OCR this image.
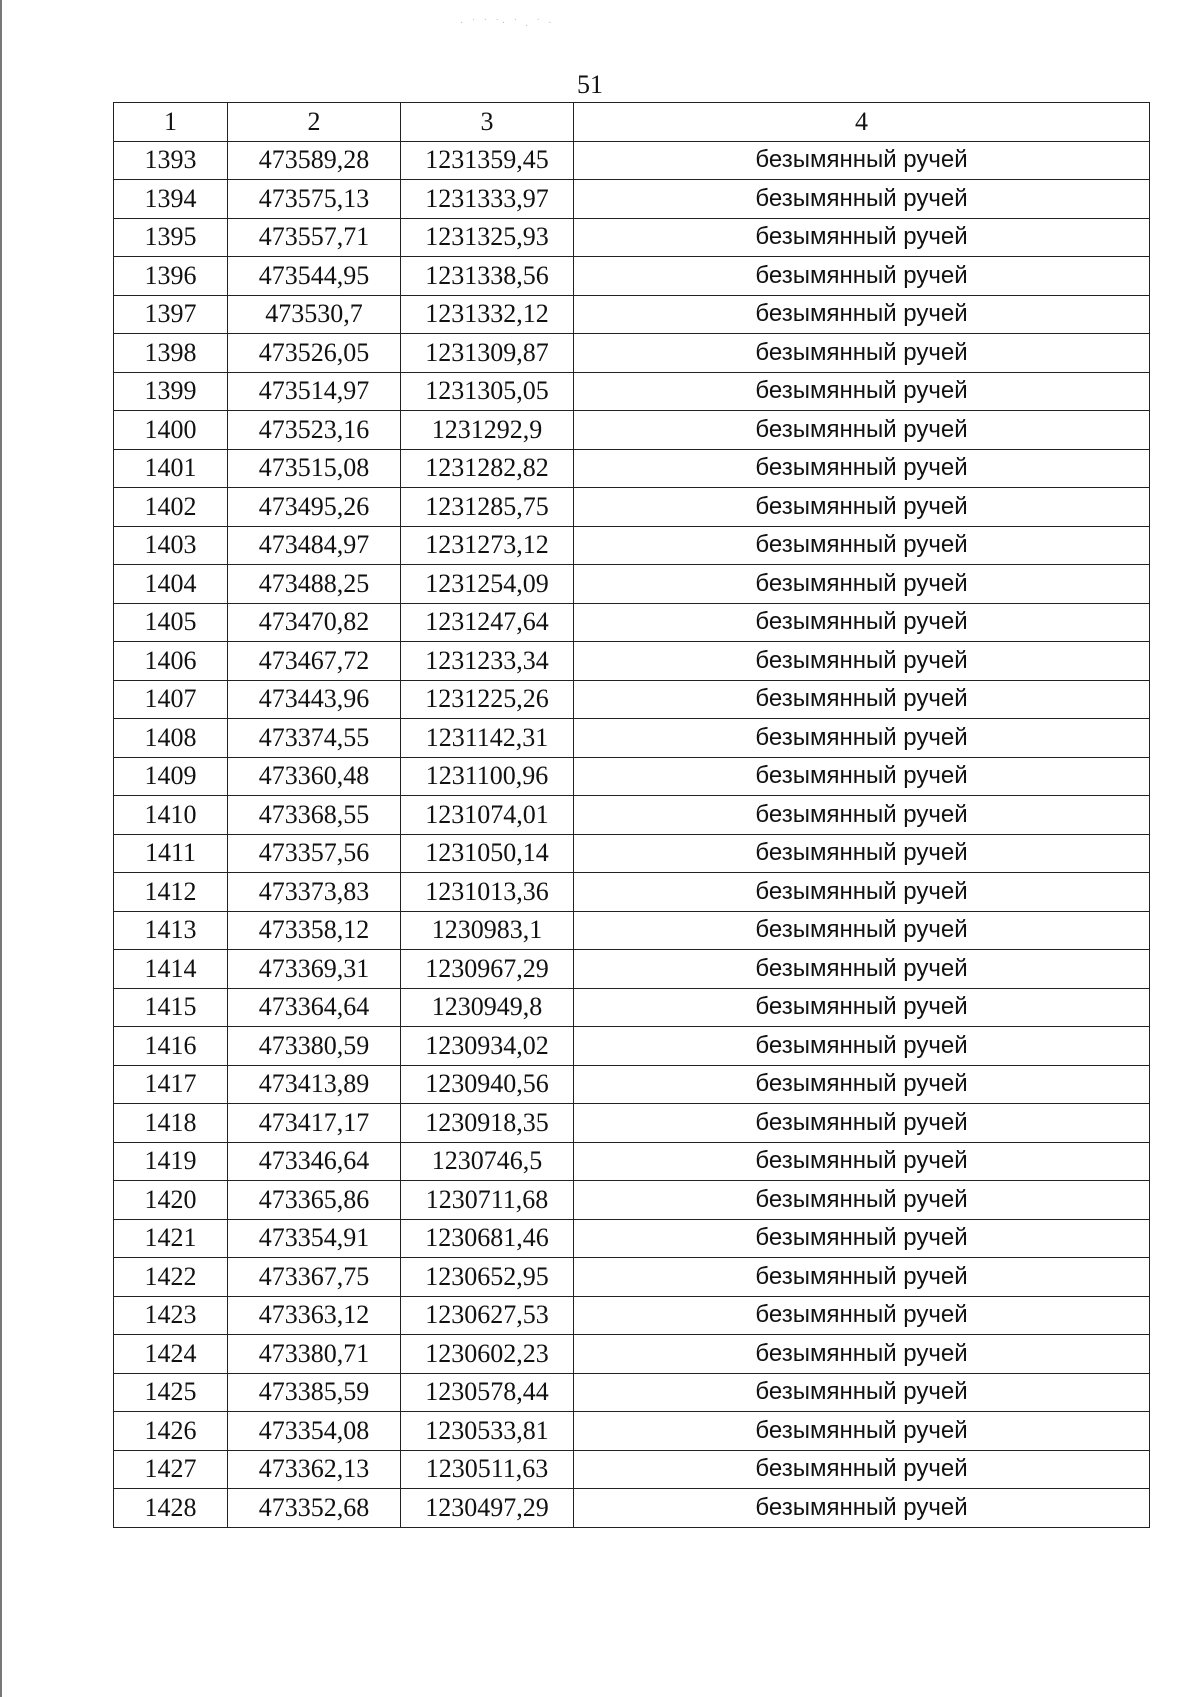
· ˙ ˙ ˙· ˙ . ˙ ·
51
1	2	3	4
1393	473589,28	1231359,45	безымянный ручей
1394	473575,13	1231333,97	безымянный ручей
1395	473557,71	1231325,93	безымянный ручей
1396	473544,95	1231338,56	безымянный ручей
1397	473530,7	1231332,12	безымянный ручей
1398	473526,05	1231309,87	безымянный ручей
1399	473514,97	1231305,05	безымянный ручей
1400	473523,16	1231292,9	безымянный ручей
1401	473515,08	1231282,82	безымянный ручей
1402	473495,26	1231285,75	безымянный ручей
1403	473484,97	1231273,12	безымянный ручей
1404	473488,25	1231254,09	безымянный ручей
1405	473470,82	1231247,64	безымянный ручей
1406	473467,72	1231233,34	безымянный ручей
1407	473443,96	1231225,26	безымянный ручей
1408	473374,55	1231142,31	безымянный ручей
1409	473360,48	1231100,96	безымянный ручей
1410	473368,55	1231074,01	безымянный ручей
1411	473357,56	1231050,14	безымянный ручей
1412	473373,83	1231013,36	безымянный ручей
1413	473358,12	1230983,1	безымянный ручей
1414	473369,31	1230967,29	безымянный ручей
1415	473364,64	1230949,8	безымянный ручей
1416	473380,59	1230934,02	безымянный ручей
1417	473413,89	1230940,56	безымянный ручей
1418	473417,17	1230918,35	безымянный ручей
1419	473346,64	1230746,5	безымянный ручей
1420	473365,86	1230711,68	безымянный ручей
1421	473354,91	1230681,46	безымянный ручей
1422	473367,75	1230652,95	безымянный ручей
1423	473363,12	1230627,53	безымянный ручей
1424	473380,71	1230602,23	безымянный ручей
1425	473385,59	1230578,44	безымянный ручей
1426	473354,08	1230533,81	безымянный ручей
1427	473362,13	1230511,63	безымянный ручей
1428	473352,68	1230497,29	безымянный ручей
